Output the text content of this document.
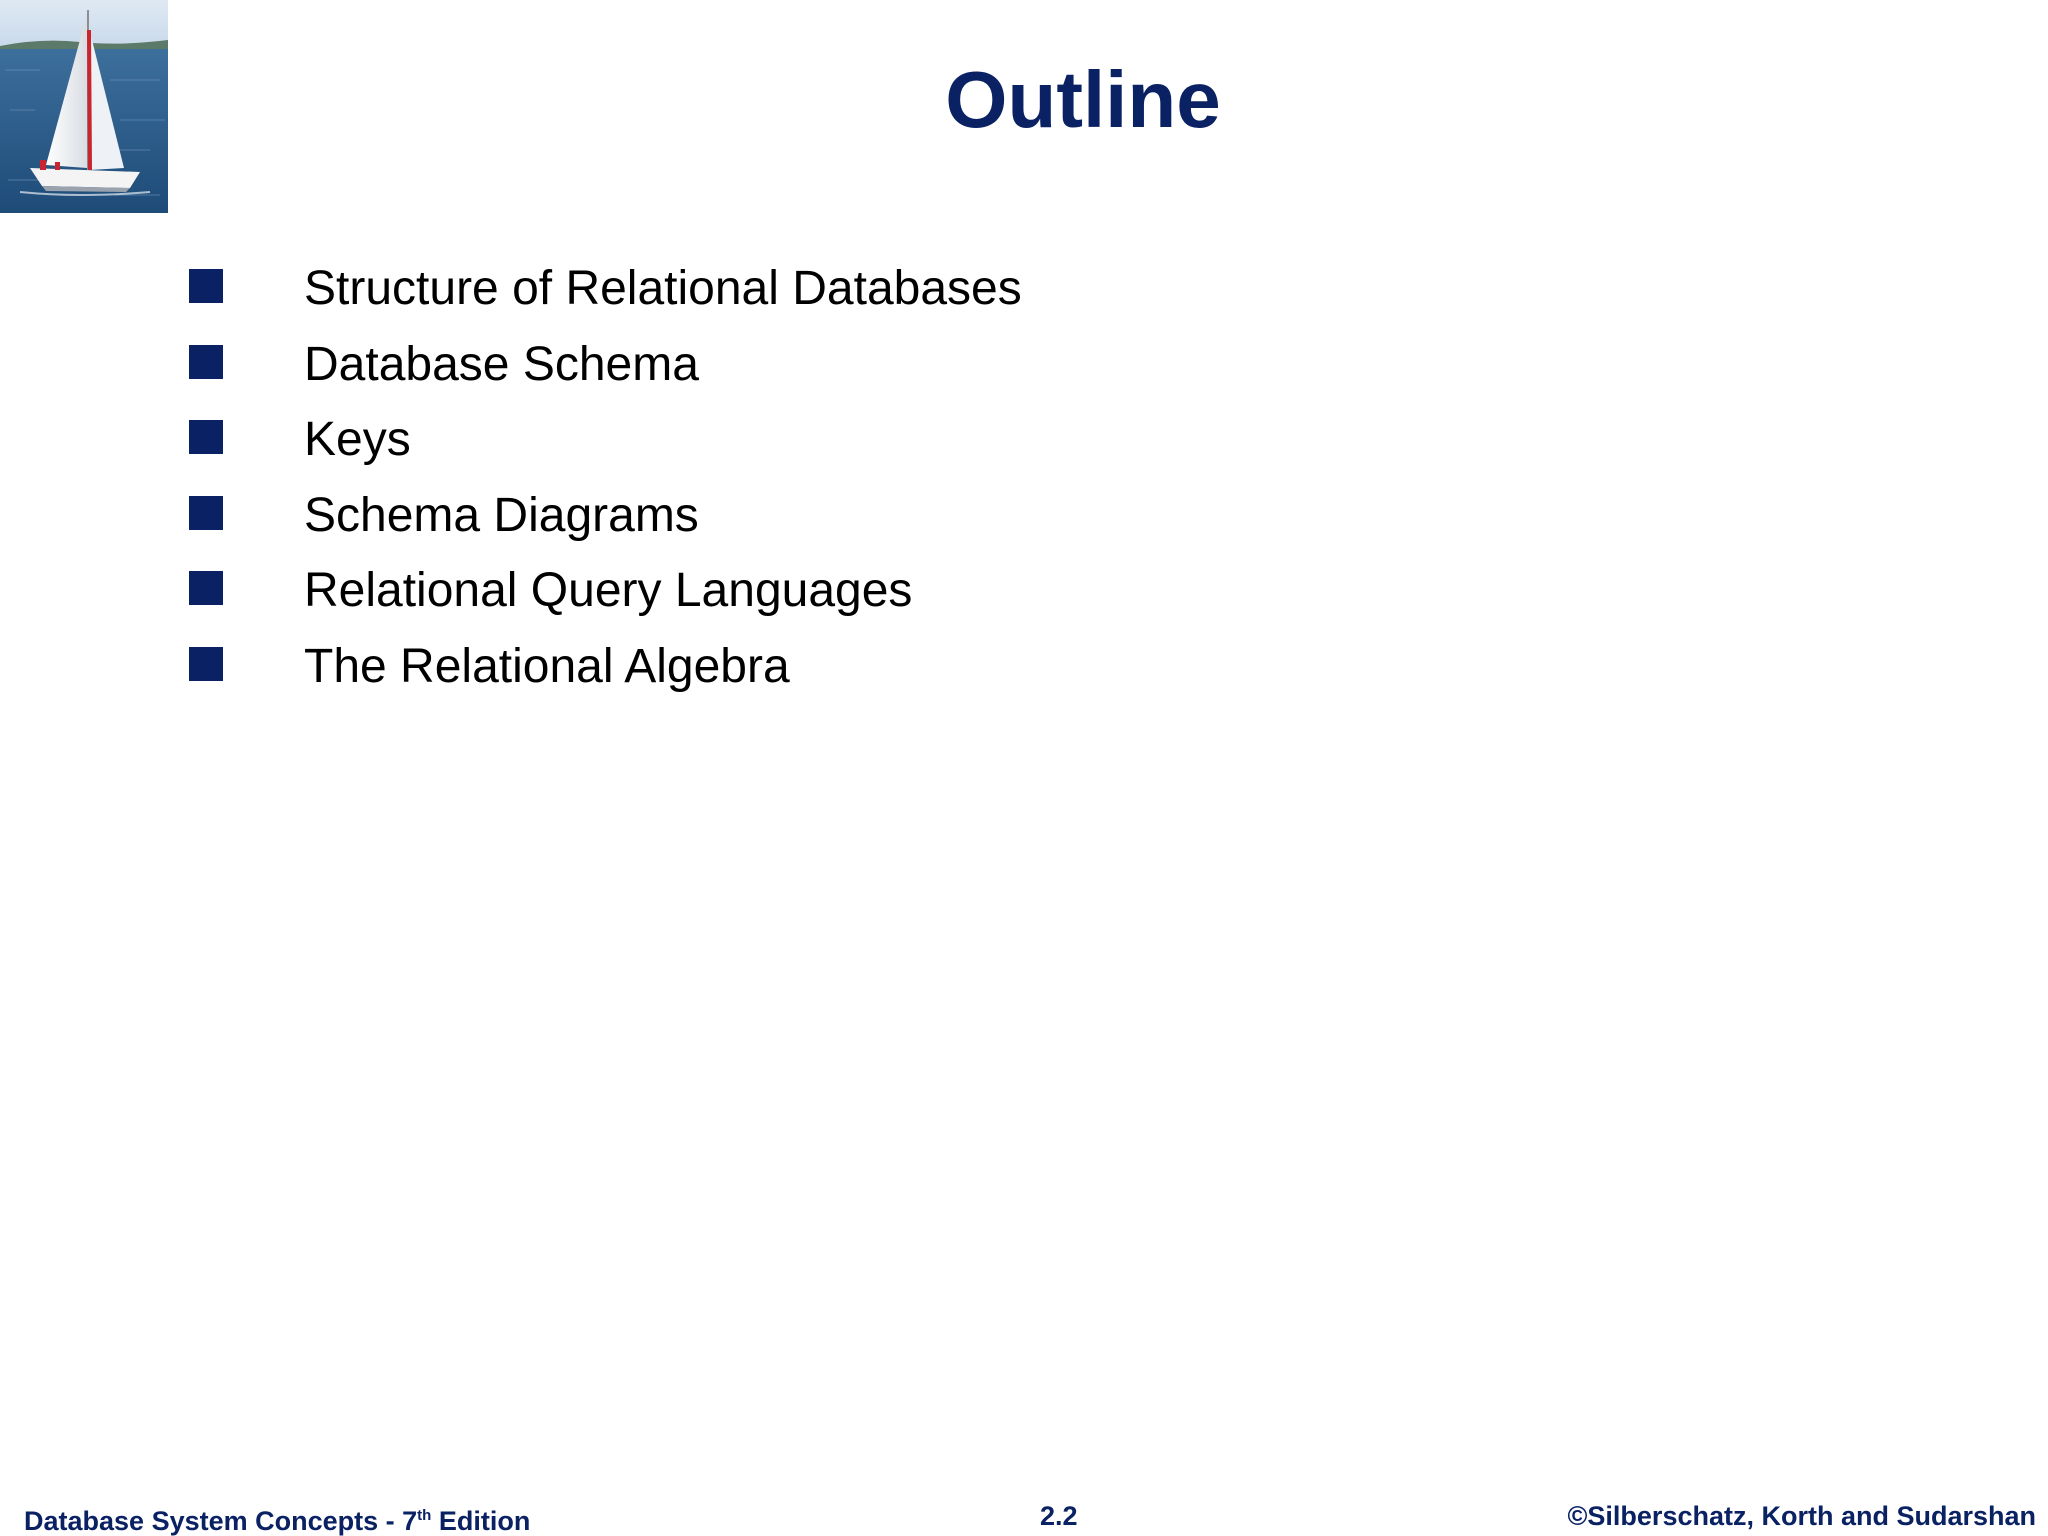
Outline
Structure of Relational Databases
Database Schema
Keys
Schema Diagrams
Relational Query Languages
The Relational Algebra
Database System Concepts - 7th Edition	2.2	©Silberschatz, Korth and Sudarshan
